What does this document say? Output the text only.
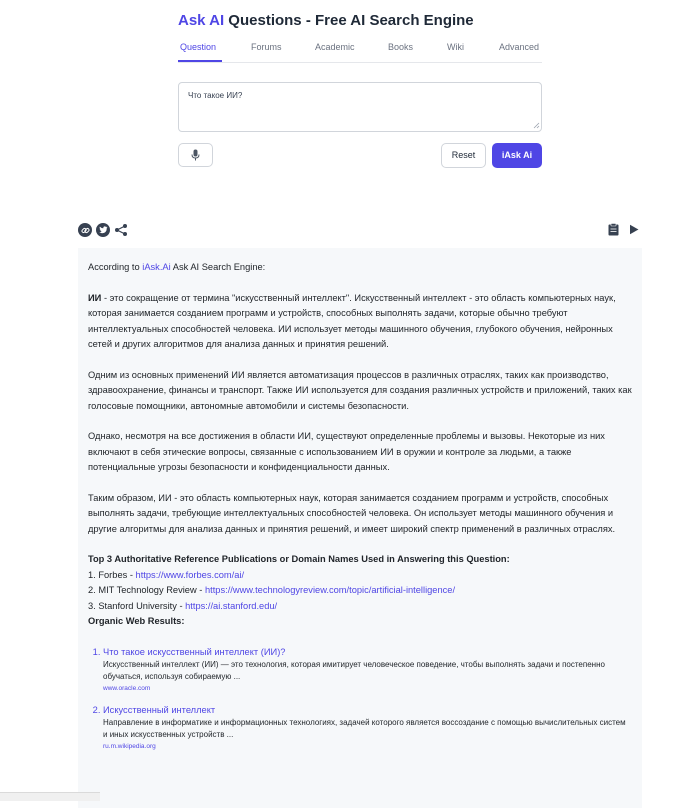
Ask AI Questions - Free AI Search Engine
Question	Forums	Academic	Books	Wiki	Advanced
Что такое ИИ?
Reset	iAsk Ai

According to iAsk.Ai Ask AI Search Engine:

ИИ - это сокращение от термина "искусственный интеллект". Искусственный интеллект - это область компьютерных наук, которая занимается созданием программ и устройств, способных выполнять задачи, которые обычно требуют интеллектуальных способностей человека. ИИ использует методы машинного обучения, глубокого обучения, нейронных сетей и других алгоритмов для анализа данных и принятия решений.

Одним из основных применений ИИ является автоматизация процессов в различных отраслях, таких как производство, здравоохранение, финансы и транспорт. Также ИИ используется для создания различных устройств и приложений, таких как голосовые помощники, автономные автомобили и системы безопасности.

Однако, несмотря на все достижения в области ИИ, существуют определенные проблемы и вызовы. Некоторые из них включают в себя этические вопросы, связанные с использованием ИИ в оружии и контроле за людьми, а также потенциальные угрозы безопасности и конфиденциальности данных.

Таким образом, ИИ - это область компьютерных наук, которая занимается созданием программ и устройств, способных выполнять задачи, требующие интеллектуальных способностей человека. Он использует методы машинного обучения и другие алгоритмы для анализа данных и принятия решений, и имеет широкий спектр применений в различных отраслях.

Top 3 Authoritative Reference Publications or Domain Names Used in Answering this Question:

1. Forbes - https://www.forbes.com/ai/

2. MIT Technology Review - https://www.technologyreview.com/topic/artificial-intelligence/

3. Stanford University - https://ai.stanford.edu/

Organic Web Results:

1. Что такое искусственный интеллект (ИИ)?
Искусственный интеллект (ИИ) — это технология, которая имитирует человеческое поведение, чтобы выполнять задачи и постепенно обучаться, используя собираемую ...
www.oracle.com
2. Искусственный интеллект
Направление в информатике и информационных технологиях, задачей которого является воссоздание с помощью вычислительных систем и иных искусственных устройств ...
ru.m.wikipedia.org
